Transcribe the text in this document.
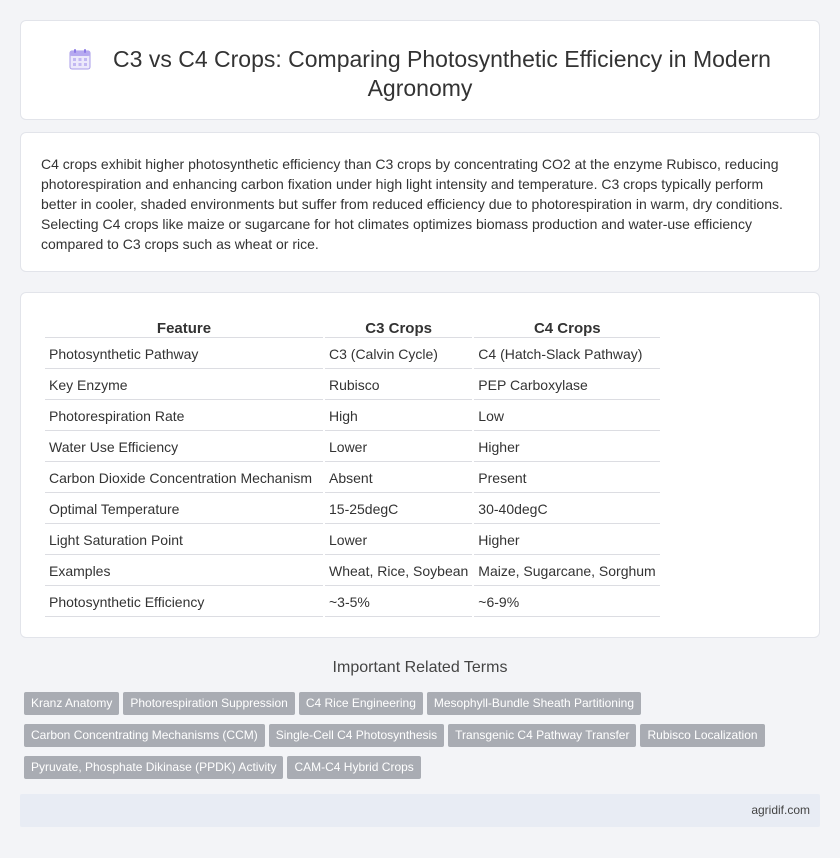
C3 vs C4 Crops: Comparing Photosynthetic Efficiency in Modern Agronomy

C4 crops exhibit higher photosynthetic efficiency than C3 crops by concentrating CO2 at the enzyme Rubisco, reducing photorespiration and enhancing carbon fixation under high light intensity and temperature. C3 crops typically perform better in cooler, shaded environments but suffer from reduced efficiency due to photorespiration in warm, dry conditions. Selecting C4 crops like maize or sugarcane for hot climates optimizes biomass production and water-use efficiency compared to C3 crops such as wheat or rice.

Feature	C3 Crops	C4 Crops
Photosynthetic Pathway	C3 (Calvin Cycle)	C4 (Hatch-Slack Pathway)
Key Enzyme	Rubisco	PEP Carboxylase
Photorespiration Rate	High	Low
Water Use Efficiency	Lower	Higher
Carbon Dioxide Concentration Mechanism	Absent	Present
Optimal Temperature	15-25degC	30-40degC
Light Saturation Point	Lower	Higher
Examples	Wheat, Rice, Soybean	Maize, Sugarcane, Sorghum
Photosynthetic Efficiency	~3-5%	~6-9%
Important Related Terms
Kranz Anatomy Photorespiration Suppression C4 Rice Engineering Mesophyll-Bundle Sheath Partitioning
Carbon Concentrating Mechanisms (CCM) Single-Cell C4 Photosynthesis Transgenic C4 Pathway Transfer Rubisco Localization
Pyruvate, Phosphate Dikinase (PPDK) Activity CAM-C4 Hybrid Crops
agridif.com
